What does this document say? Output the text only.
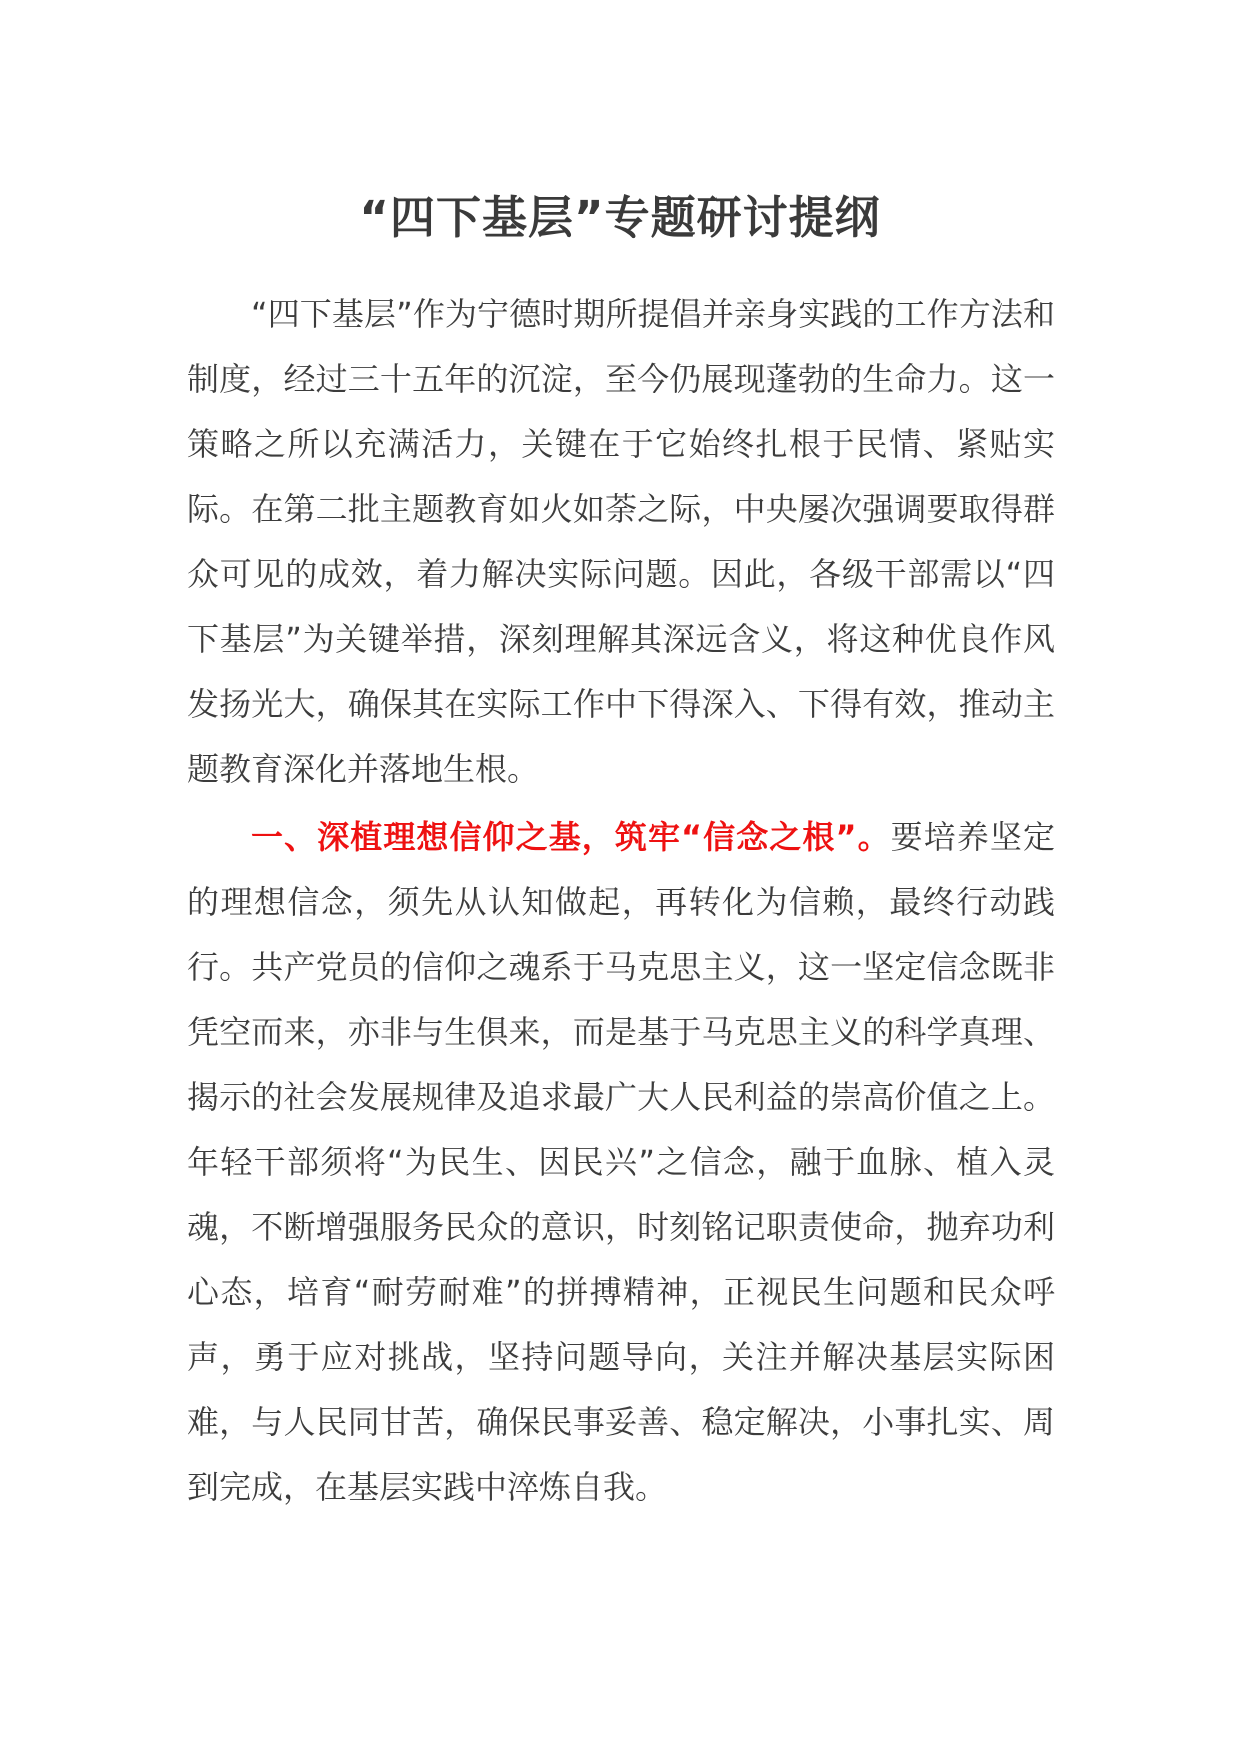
“四下基层”专题研讨提纲

“四下基层”作为宁德时期所提倡并亲身实践的工作方法和制度，经过三十五年的沉淀，至今仍展现蓬勃的生命力。这一策略之所以充满活力，关键在于它始终扎根于民情、紧贴实际。在第二批主题教育如火如荼之际，中央屡次强调要取得群众可见的成效，着力解决实际问题。因此，各级干部需以“四下基层”为关键举措，深刻理解其深远含义，将这种优良作风发扬光大，确保其在实际工作中下得深入、下得有效，推动主题教育深化并落地生根。

一、深植理想信仰之基，筑牢“信念之根”。要培养坚定的理想信念，须先从认知做起，再转化为信赖，最终行动践行。共产党员的信仰之魂系于马克思主义，这一坚定信念既非凭空而来，亦非与生俱来，而是基于马克思主义的科学真理、揭示的社会发展规律及追求最广大人民利益的崇高价值之上。年轻干部须将“为民生、因民兴”之信念，融于血脉、植入灵魂，不断增强服务民众的意识，时刻铭记职责使命，抛弃功利心态，培育“耐劳耐难”的拼搏精神，正视民生问题和民众呼声，勇于应对挑战，坚持问题导向，关注并解决基层实际困难，与人民同甘苦，确保民事妥善、稳定解决，小事扎实、周到完成，在基层实践中淬炼自我。
